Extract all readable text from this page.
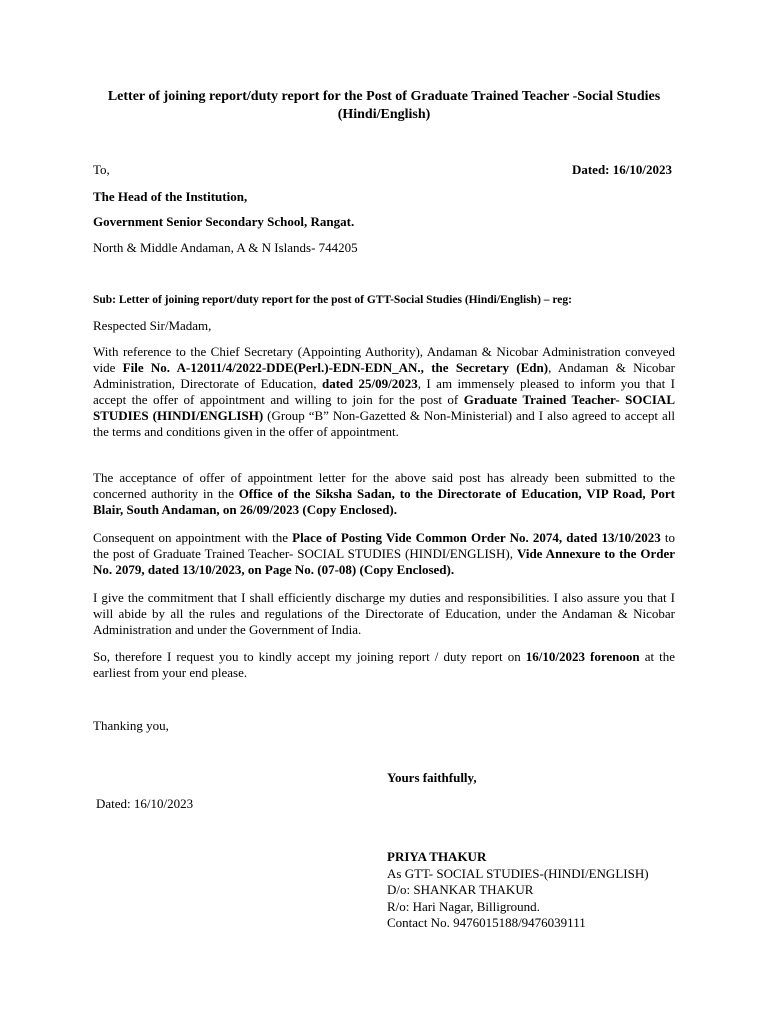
Letter of joining report/duty report for the Post of Graduate Trained Teacher -Social Studies (Hindi/English)
To,	Dated: 16/10/2023
The Head of the Institution,
Government Senior Secondary School, Rangat.
North & Middle Andaman, A & N Islands- 744205
Sub: Letter of joining report/duty report for the post of GTT-Social Studies (Hindi/English) – reg:
Respected Sir/Madam,
With reference to the Chief Secretary (Appointing Authority), Andaman & Nicobar Administration conveyed vide File No. A-12011/4/2022-DDE(Perl.)-EDN-EDN_AN., the Secretary (Edn), Andaman & Nicobar Administration, Directorate of Education, dated 25/09/2023, I am immensely pleased to inform you that I accept the offer of appointment and willing to join for the post of Graduate Trained Teacher- SOCIAL STUDIES (HINDI/ENGLISH) (Group “B” Non-Gazetted & Non-Ministerial) and I also agreed to accept all the terms and conditions given in the offer of appointment.
The acceptance of offer of appointment letter for the above said post has already been submitted to the concerned authority in the Office of the Siksha Sadan, to the Directorate of Education, VIP Road, Port Blair, South Andaman, on 26/09/2023 (Copy Enclosed).
Consequent on appointment with the Place of Posting Vide Common Order No. 2074, dated 13/10/2023 to the post of Graduate Trained Teacher- SOCIAL STUDIES (HINDI/ENGLISH), Vide Annexure to the Order No. 2079, dated 13/10/2023, on Page No. (07-08) (Copy Enclosed).
I give the commitment that I shall efficiently discharge my duties and responsibilities. I also assure you that I will abide by all the rules and regulations of the Directorate of Education, under the Andaman & Nicobar Administration and under the Government of India.
So, therefore I request you to kindly accept my joining report / duty report on 16/10/2023 forenoon at the earliest from your end please.
Thanking you,
Yours faithfully,
Dated: 16/10/2023
PRIYA THAKUR
As GTT- SOCIAL STUDIES-(HINDI/ENGLISH)
D/o: SHANKAR THAKUR
R/o: Hari Nagar, Billiground.
Contact No. 9476015188/9476039111
